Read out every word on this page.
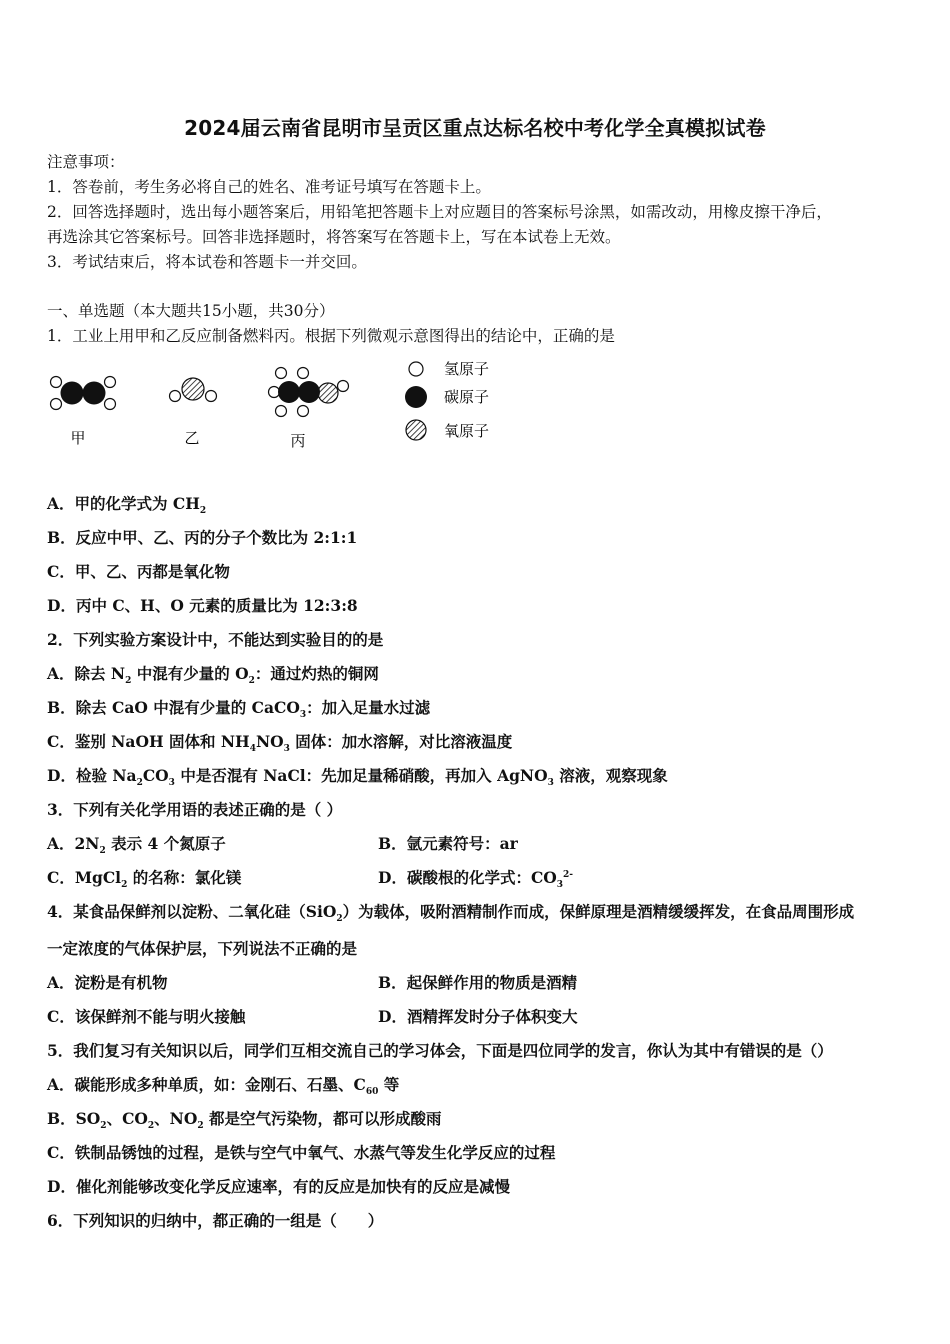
2024届云南省昆明市呈贡区重点达标名校中考化学全真模拟试卷
注意事项：
1．答卷前，考生务必将自己的姓名、准考证号填写在答题卡上。
2．回答选择题时，选出每小题答案后，用铅笔把答题卡上对应题目的答案标号涂黑，如需改动，用橡皮擦干净后，
再选涂其它答案标号。回答非选择题时，将答案写在答题卡上，写在本试卷上无效。
3．考试结束后，将本试卷和答题卡一并交回。
一、单选题（本大题共15小题，共30分）
1．工业上用甲和乙反应制备燃料丙。根据下列微观示意图得出的结论中，正确的是
甲	乙	丙
氢原子
碳原子
氧原子
A．甲的化学式为 $CH_2$
B．反应中甲、乙、丙的分子个数比为 2:1:1
C．甲、乙、丙都是氧化物
D．丙中 C、H、O 元素的质量比为 12:3:8
2．下列实验方案设计中，不能达到实验目的的是
A．除去 $N_2$ 中混有少量的 $O_2$：通过灼热的铜网
B．除去 CaO 中混有少量的 CaCO$_3$：加入足量水过滤
C．鉴别 NaOH 固体和 $NH_4NO_3$ 固体：加水溶解，对比溶液温度
D．检验 $Na_2CO_3$ 中是否混有 NaCl：先加足量稀硝酸，再加入 AgNO$_3$ 溶液，观察现象
3．下列有关化学用语的表述正确的是（ ）
A．$2N_2$ 表示 4 个氮原子	B．氩元素符号：ar
C．MgCl$_2$ 的名称：氯化镁	D．碳酸根的化学式：$CO_3^{2-}$
4．某食品保鲜剂以淀粉、二氧化硅（SiO$_2$）为载体，吸附酒精制作而成，保鲜原理是酒精缓缓挥发，在食品周围形成
一定浓度的气体保护层，下列说法不正确的是
A．淀粉是有机物	B．起保鲜作用的物质是酒精
C．该保鲜剂不能与明火接触	D．酒精挥发时分子体积变大
5．我们复习有关知识以后，同学们互相交流自己的学习体会，下面是四位同学的发言，你认为其中有错误的是（）
A．碳能形成多种单质，如：金刚石、石墨、$C_{60}$ 等
B．$SO_2$、$CO_2$、$NO_2$ 都是空气污染物，都可以形成酸雨
C．铁制品锈蚀的过程，是铁与空气中氧气、水蒸气等发生化学反应的过程
D．催化剂能够改变化学反应速率，有的反应是加快有的反应是减慢
6．下列知识的归纳中，都正确的一组是（　　）
